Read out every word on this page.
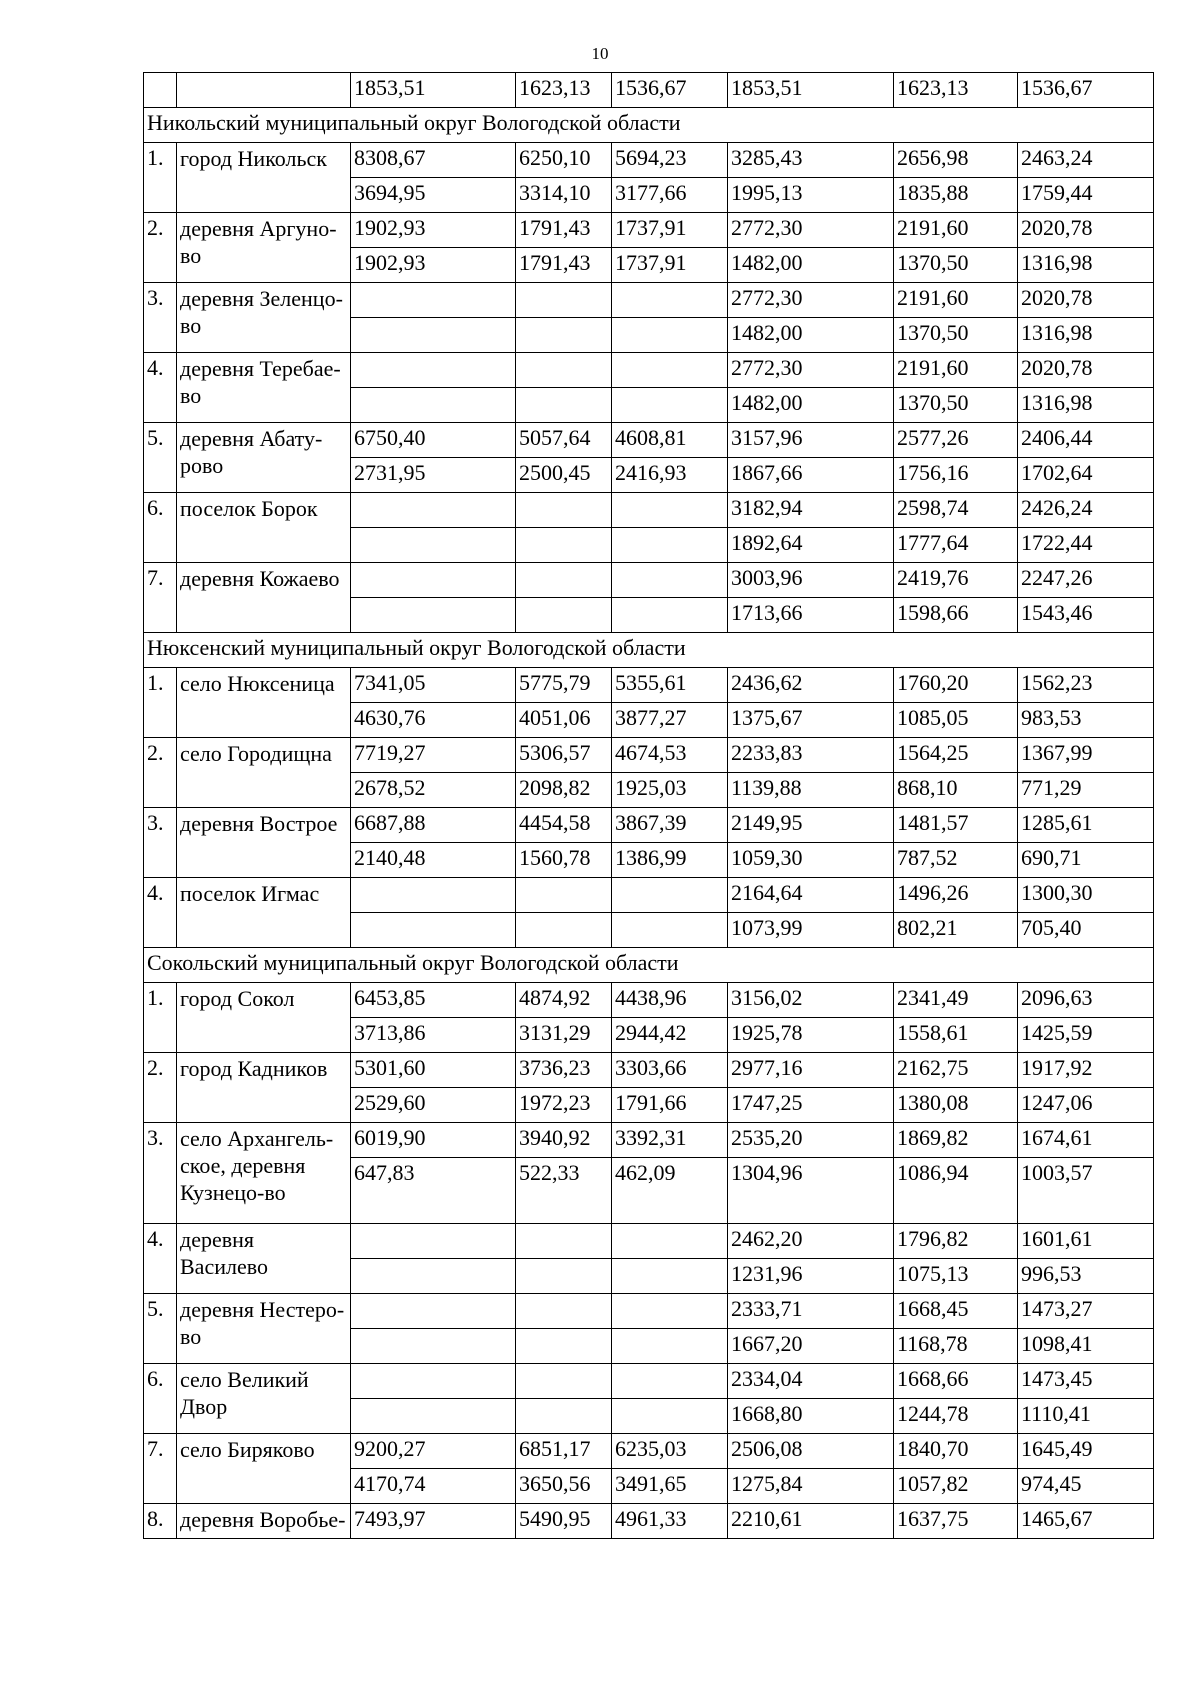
10
		1853,51	1623,13	1536,67	1853,51	1623,13	1536,67
Никольский муниципальный округ Вологодской области							
1.	город Никольск	8308,67	6250,10	5694,23	3285,43	2656,98	2463,24
		3694,95	3314,10	3177,66	1995,13	1835,88	1759,44
2.	деревня Аргуно-во	1902,93	1791,43	1737,91	2772,30	2191,60	2020,78
		1902,93	1791,43	1737,91	1482,00	1370,50	1316,98
3.	деревня Зеленцо-во				2772,30	2191,60	2020,78
					1482,00	1370,50	1316,98
4.	деревня Теребае-во				2772,30	2191,60	2020,78
					1482,00	1370,50	1316,98
5.	деревня Абату-рово	6750,40	5057,64	4608,81	3157,96	2577,26	2406,44
		2731,95	2500,45	2416,93	1867,66	1756,16	1702,64
6.	поселок Борок				3182,94	2598,74	2426,24
					1892,64	1777,64	1722,44
7.	деревня Кожаево				3003,96	2419,76	2247,26
					1713,66	1598,66	1543,46
Нюксенский муниципальный округ Вологодской области							
1.	село Нюксеница	7341,05	5775,79	5355,61	2436,62	1760,20	1562,23
		4630,76	4051,06	3877,27	1375,67	1085,05	983,53
2.	село Городищна	7719,27	5306,57	4674,53	2233,83	1564,25	1367,99
		2678,52	2098,82	1925,03	1139,88	868,10	771,29
3.	деревня Вострое	6687,88	4454,58	3867,39	2149,95	1481,57	1285,61
		2140,48	1560,78	1386,99	1059,30	787,52	690,71
4.	поселок Игмас				2164,64	1496,26	1300,30
					1073,99	802,21	705,40
Сокольский муниципальный округ Вологодской области							
1.	город Сокол	6453,85	4874,92	4438,96	3156,02	2341,49	2096,63
		3713,86	3131,29	2944,42	1925,78	1558,61	1425,59
2.	город Кадников	5301,60	3736,23	3303,66	2977,16	2162,75	1917,92
		2529,60	1972,23	1791,66	1747,25	1380,08	1247,06
3.	село Архангель-ское, деревня Кузнецо-во	6019,90	3940,92	3392,31	2535,20	1869,82	1674,61
		647,83	522,33	462,09	1304,96	1086,94	1003,57
4.	деревня Василево				2462,20	1796,82	1601,61
					1231,96	1075,13	996,53
5.	деревня Нестеро-во				2333,71	1668,45	1473,27
					1667,20	1168,78	1098,41
6.	село Великий Двор				2334,04	1668,66	1473,45
					1668,80	1244,78	1110,41
7.	село Биряково	9200,27	6851,17	6235,03	2506,08	1840,70	1645,49
		4170,74	3650,56	3491,65	1275,84	1057,82	974,45
8.	деревня Воробье-	7493,97	5490,95	4961,33	2210,61	1637,75	1465,67
